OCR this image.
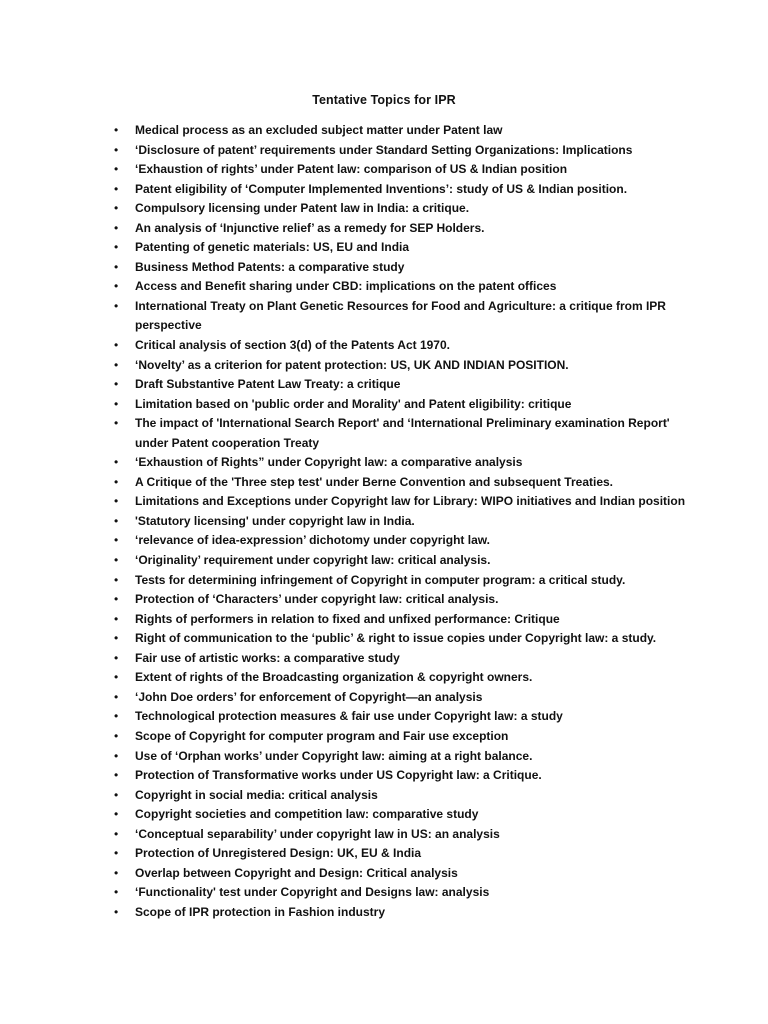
Tentative Topics for IPR
•	Medical process as an excluded subject matter under Patent law
•	‘Disclosure of patent’ requirements under Standard Setting Organizations: Implications
•	‘Exhaustion of rights’ under Patent law: comparison of US & Indian position
•	Patent eligibility of ‘Computer Implemented Inventions’: study of US & Indian position.
•	Compulsory licensing under Patent law in India: a critique.
•	An analysis of ‘Injunctive relief’ as a remedy for SEP Holders.
•	Patenting of genetic materials: US, EU and India
•	Business Method Patents: a comparative study
•	Access and Benefit sharing under CBD: implications on the patent offices
•	International Treaty on Plant Genetic Resources for Food and Agriculture: a critique from IPR perspective
•	Critical analysis of section 3(d) of the Patents Act 1970.
•	‘Novelty’ as a criterion for patent protection: US, UK AND INDIAN POSITION.
•	Draft Substantive Patent Law Treaty: a critique
•	Limitation based on 'public order and Morality' and Patent eligibility: critique
•	The impact of 'International Search Report' and ‘International Preliminary examination Report' under Patent cooperation Treaty
•	‘Exhaustion of Rights” under Copyright law: a comparative analysis
•	A Critique of the 'Three step test' under Berne Convention and subsequent Treaties.
•	Limitations and Exceptions under Copyright law for Library: WIPO initiatives and Indian position
•	'Statutory licensing' under copyright law in India.
•	‘relevance of idea-expression’ dichotomy under copyright law.
•	‘Originality’ requirement under copyright law: critical analysis.
•	Tests for determining infringement of Copyright in computer program: a critical study.
•	Protection of ‘Characters’ under copyright law: critical analysis.
•	Rights of performers in relation to fixed and unfixed performance: Critique
•	Right of communication to the ‘public’ & right to issue copies under Copyright law: a study.
•	Fair use of artistic works: a comparative study
•	Extent of rights of the Broadcasting organization & copyright owners.
•	‘John Doe orders’ for enforcement of Copyright—an analysis
•	Technological protection measures & fair use under Copyright law: a study
•	Scope of Copyright for computer program and Fair use exception
•	Use of ‘Orphan works’ under Copyright law: aiming at a right balance.
•	Protection of Transformative works under US Copyright law: a Critique.
•	Copyright in social media: critical analysis
•	Copyright societies and competition law: comparative study
•	‘Conceptual separability’ under copyright law in US: an analysis
•	Protection of Unregistered Design: UK, EU & India
•	Overlap between Copyright and Design: Critical analysis
•	‘Functionality' test under Copyright and Designs law: analysis
•	Scope of IPR protection in Fashion industry
